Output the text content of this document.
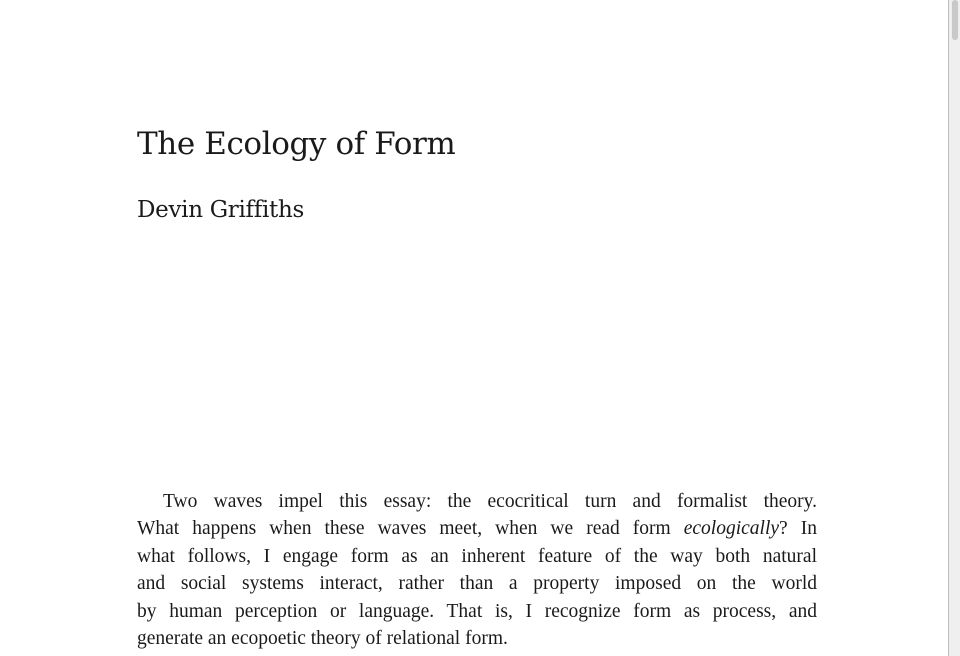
The Ecology of Form
Devin Griffiths
Two waves impel this essay: the ecocritical turn and formalist theory.
What happens when these waves meet, when we read form ecologically? In
what follows, I engage form as an inherent feature of the way both natural
and social systems interact, rather than a property imposed on the world
by human perception or language. That is, I recognize form as process, and
generate an ecopoetic theory of relational form.
